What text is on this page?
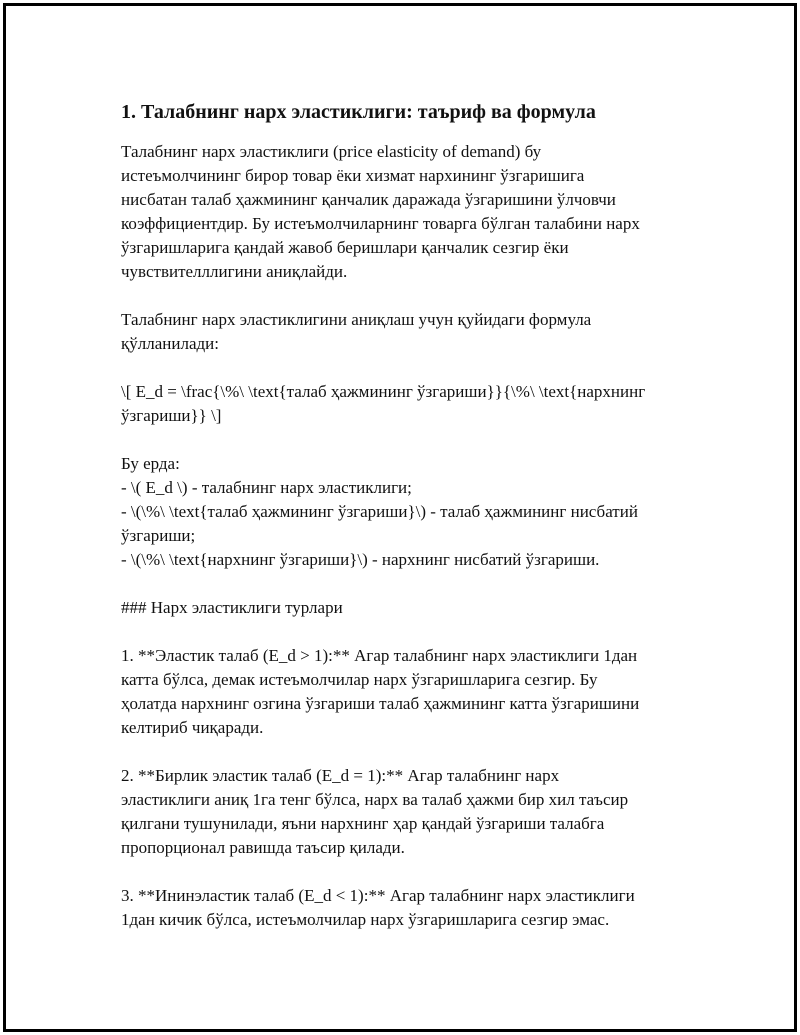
1. Талабнинг нарх эластиклиги: таъриф ва формула
Талабнинг нарх эластиклиги (price elasticity of demand) бу
истеъмолчининг бирор товар ёки хизмат нархининг ўзгаришига
нисбатан талаб ҳажмининг қанчалик даражада ўзгаришини ўлчовчи
коэффициентдир. Бу истеъмолчиларнинг товарга бўлган талабини нарх
ўзгаришларига қандай жавоб беришлари қанчалик сезгир ёки
чувствителллигини аниқлайди.
Талабнинг нарх эластиклигини аниқлаш учун қуйидаги формула
қўлланилади:
\[ E_d = \frac{\%\ \text{талаб ҳажмининг ўзгариши}}{\%\ \text{нархнинг
ўзгариши}} \]
Бу ерда:
- \( E_d \) - талабнинг нарх эластиклиги;
- \(\%\ \text{талаб ҳажмининг ўзгариши}\) - талаб ҳажмининг нисбатий
ўзгариши;
- \(\%\ \text{нархнинг ўзгариши}\) - нархнинг нисбатий ўзгариши.
### Нарх эластиклиги турлари
1. **Эластик талаб (E_d > 1):** Агар талабнинг нарх эластиклиги 1дан
катта бўлса, демак истеъмолчилар нарх ўзгаришларига сезгир. Бу
ҳолатда нархнинг озгина ўзгариши талаб ҳажмининг катта ўзгаришини
келтириб чиқаради.
2. **Бирлик эластик талаб (E_d = 1):** Агар талабнинг нарх
эластиклиги аниқ 1га тенг бўлса, нарх ва талаб ҳажми бир хил таъсир
қилгани тушунилади, яъни нархнинг ҳар қандай ўзгариши талабга
пропорционал равишда таъсир қилади.
3. **Ининэластик талаб (E_d < 1):** Агар талабнинг нарх эластиклиги
1дан кичик бўлса, истеъмолчилар нарх ўзгаришларига сезгир эмас.
